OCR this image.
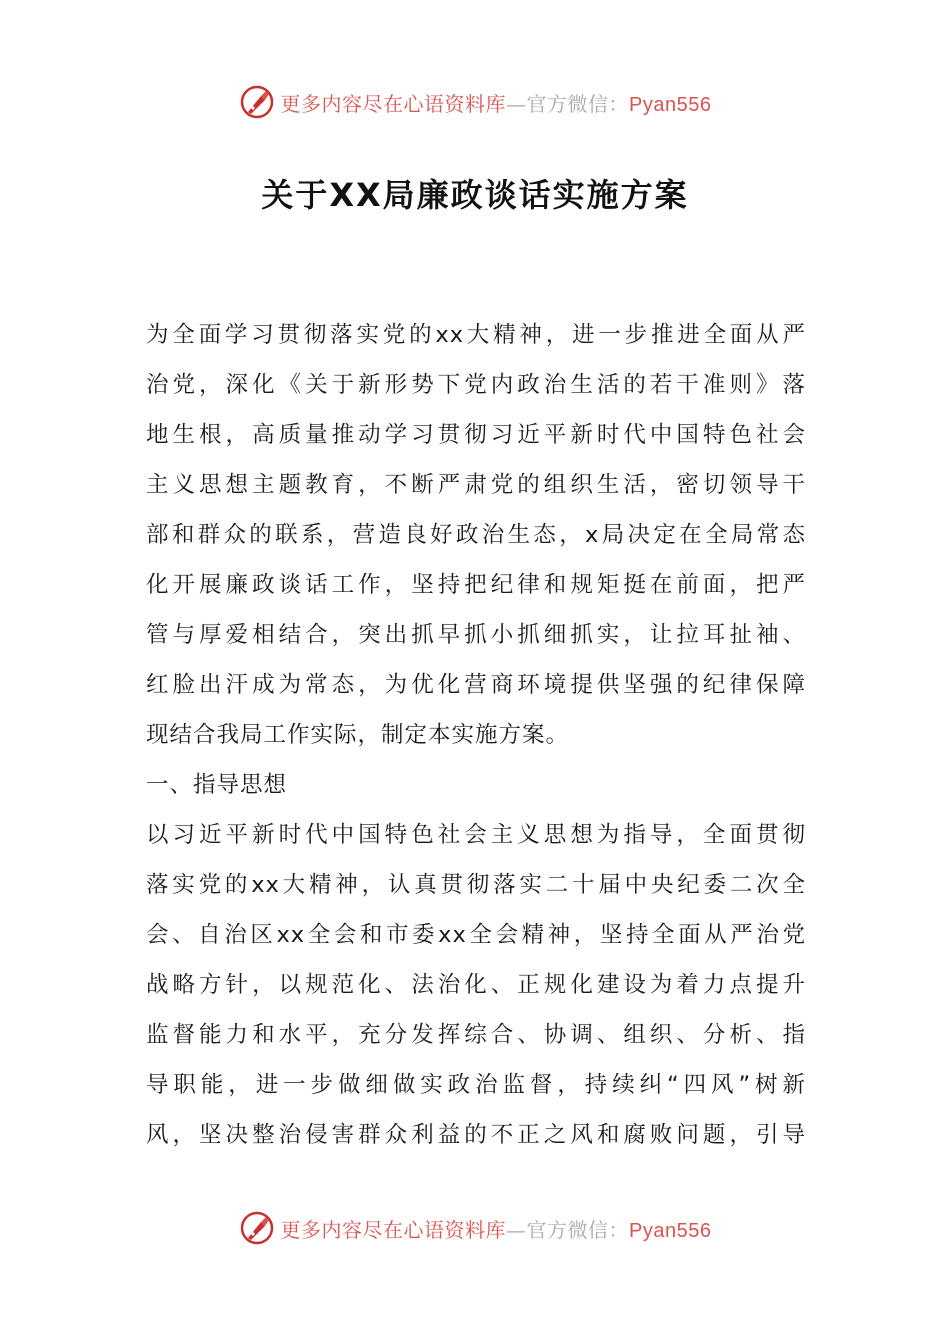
更多内容尽在心语资料库—官方微信：Pyan556
关于XX局廉政谈话实施方案
为全面学习贯彻落实党的xx大精神，进一步推进全面从严
治党，深化《关于新形势下党内政治生活的若干准则》落
地生根，高质量推动学习贯彻习近平新时代中国特色社会
主义思想主题教育，不断严肃党的组织生活，密切领导干
部和群众的联系，营造良好政治生态，x局决定在全局常态
化开展廉政谈话工作，坚持把纪律和规矩挺在前面，把严
管与厚爱相结合，突出抓早抓小抓细抓实，让拉耳扯袖、
红脸出汗成为常态，为优化营商环境提供坚强的纪律保障
现结合我局工作实际，制定本实施方案。
一、指导思想
以习近平新时代中国特色社会主义思想为指导，全面贯彻
落实党的xx大精神，认真贯彻落实二十届中央纪委二次全
会、自治区xx全会和市委xx全会精神，坚持全面从严治党
战略方针，以规范化、法治化、正规化建设为着力点提升
监督能力和水平，充分发挥综合、协调、组织、分析、指
导职能，进一步做细做实政治监督，持续纠“四风”树新
风，坚决整治侵害群众利益的不正之风和腐败问题，引导
更多内容尽在心语资料库—官方微信：Pyan556
